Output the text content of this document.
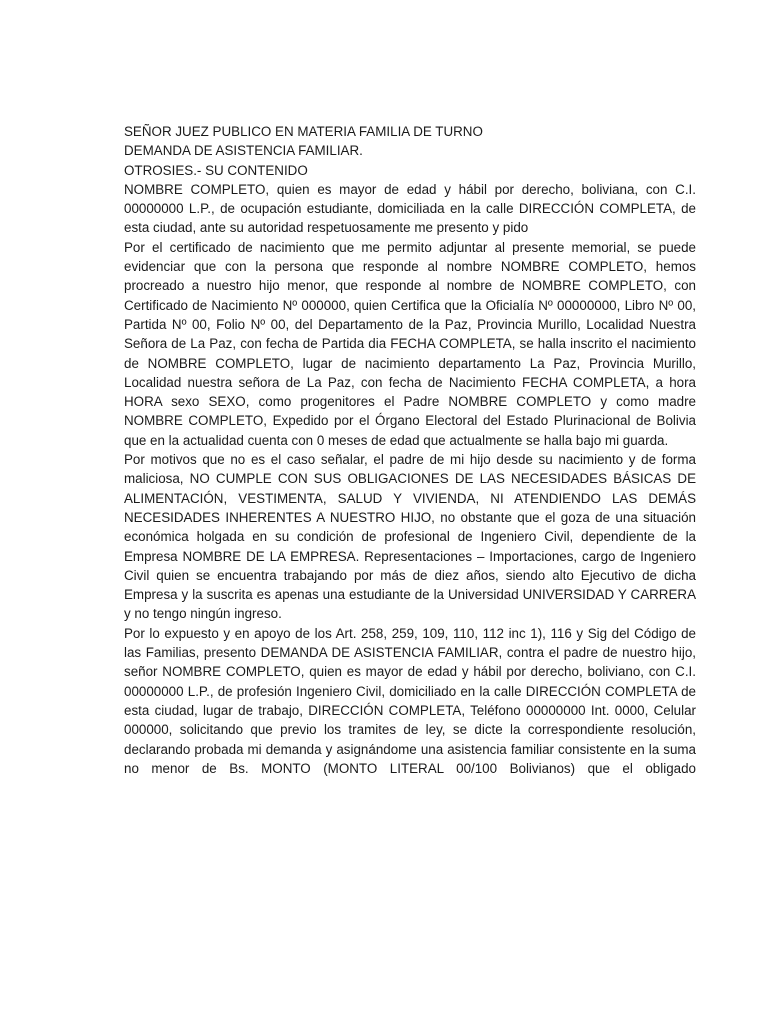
SEÑOR JUEZ PUBLICO EN MATERIA FAMILIA DE TURNO
DEMANDA DE ASISTENCIA FAMILIAR.
OTROSIES.- SU CONTENIDO

NOMBRE COMPLETO, quien es mayor de edad y hábil por derecho, boliviana, con C.I. 00000000 L.P., de ocupación estudiante, domiciliada en la calle DIRECCIÓN COMPLETA, de esta ciudad, ante su autoridad respetuosamente me presento y pido

Por el certificado de nacimiento que me permito adjuntar al presente memorial, se puede evidenciar que con la persona que responde al nombre NOMBRE COMPLETO, hemos procreado a nuestro hijo menor, que responde al nombre de NOMBRE COMPLETO, con Certificado de Nacimiento Nº 000000, quien Certifica que la Oficialía Nº 00000000, Libro Nº 00, Partida Nº 00, Folio Nº 00, del Departamento de la Paz, Provincia Murillo, Localidad Nuestra Señora de La Paz, con fecha de Partida dia FECHA COMPLETA, se halla inscrito el nacimiento de NOMBRE COMPLETO, lugar de nacimiento departamento La Paz, Provincia Murillo, Localidad nuestra señora de La Paz, con fecha de Nacimiento FECHA COMPLETA, a hora HORA sexo SEXO, como progenitores el Padre NOMBRE COMPLETO y como madre NOMBRE COMPLETO, Expedido por el Órgano Electoral del Estado Plurinacional de Bolivia que en la actualidad cuenta con 0 meses de edad que actualmente se halla bajo mi guarda.

Por motivos que no es el caso señalar, el padre de mi hijo desde su nacimiento y de forma maliciosa, NO CUMPLE CON SUS OBLIGACIONES DE LAS NECESIDADES BÁSICAS DE ALIMENTACIÓN, VESTIMENTA, SALUD Y VIVIENDA, NI ATENDIENDO LAS DEMÁS NECESIDADES INHERENTES A NUESTRO HIJO, no obstante que el goza de una situación económica holgada en su condición de profesional de Ingeniero Civil, dependiente de la Empresa NOMBRE DE LA EMPRESA. Representaciones – Importaciones, cargo de Ingeniero Civil quien se encuentra trabajando por más de diez años, siendo alto Ejecutivo de dicha Empresa y la suscrita es apenas una estudiante de la Universidad UNIVERSIDAD Y CARRERA y no tengo ningún ingreso.

Por lo expuesto y en apoyo de los Art. 258, 259, 109, 110, 112 inc 1), 116 y Sig del Código de las Familias, presento DEMANDA DE ASISTENCIA FAMILIAR, contra el padre de nuestro hijo, señor NOMBRE COMPLETO, quien es mayor de edad y hábil por derecho, boliviano, con C.I. 00000000 L.P., de profesión Ingeniero Civil, domiciliado en la calle DIRECCIÓN COMPLETA de esta ciudad, lugar de trabajo, DIRECCIÓN COMPLETA, Teléfono 00000000 Int. 0000, Celular 000000, solicitando que previo los tramites de ley, se dicte la correspondiente resolución, declarando probada mi demanda y asignándome una asistencia familiar consistente en la suma no menor de Bs. MONTO (MONTO LITERAL 00/100 Bolivianos) que el obligado
